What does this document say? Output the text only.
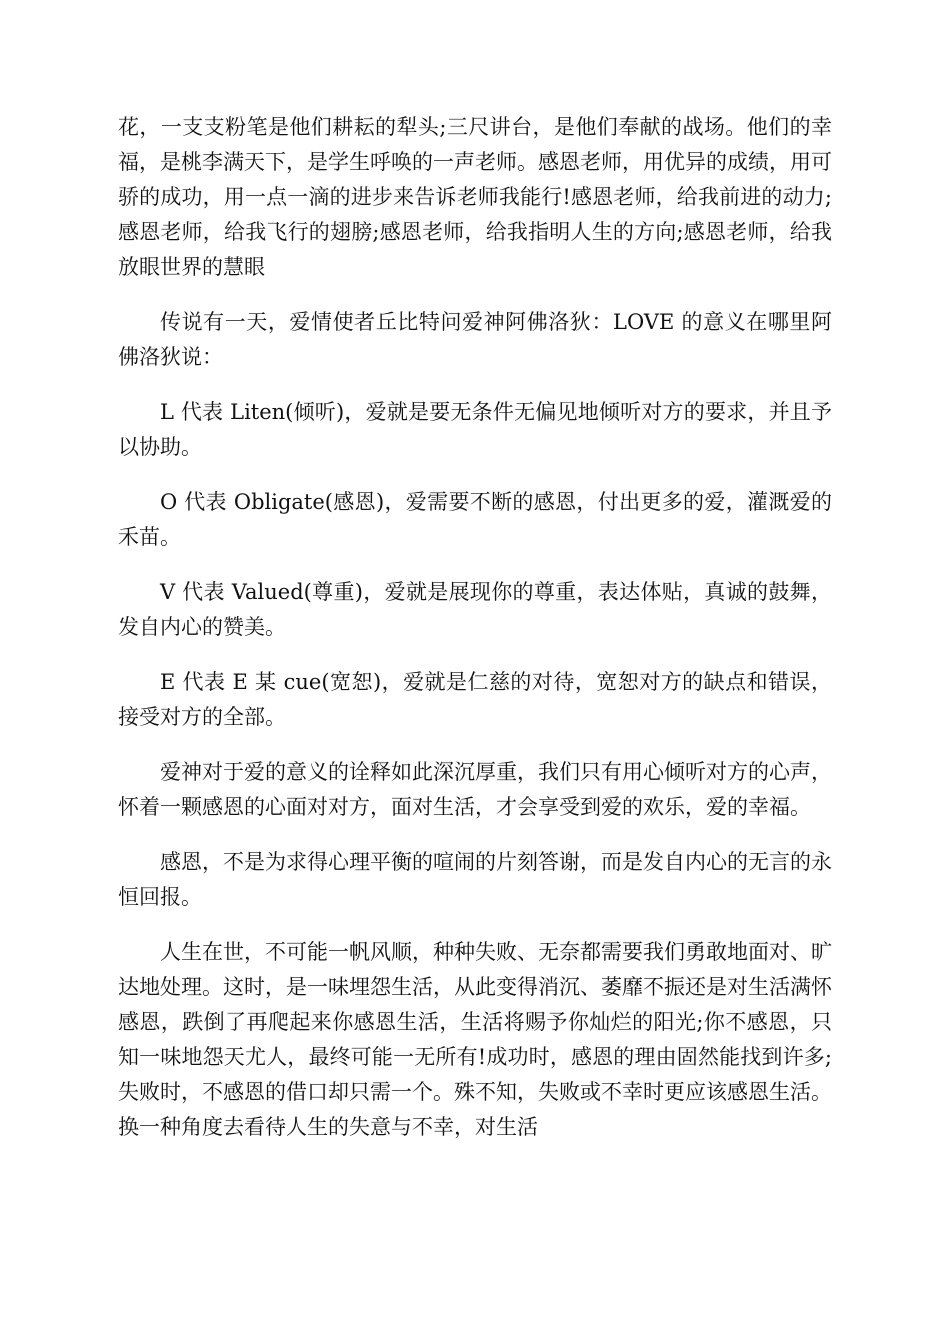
花，一支支粉笔是他们耕耘的犁头;三尺讲台，是他们奉献的战场。他们的幸福，是桃李满天下，是学生呼唤的一声老师。感恩老师，用优异的成绩，用可骄的成功，用一点一滴的进步来告诉老师我能行!感恩老师，给我前进的动力;感恩老师，给我飞行的翅膀;感恩老师，给我指明人生的方向;感恩老师，给我放眼世界的慧眼

传说有一天，爱情使者丘比特问爱神阿佛洛狄：LOVE 的意义在哪里阿佛洛狄说：

L 代表 Liten(倾听)，爱就是要无条件无偏见地倾听对方的要求，并且予以协助。

O 代表 Obligate(感恩)，爱需要不断的感恩，付出更多的爱，灌溉爱的禾苗。

V 代表 Valued(尊重)，爱就是展现你的尊重，表达体贴，真诚的鼓舞，发自内心的赞美。

E 代表 E 某 cue(宽恕)，爱就是仁慈的对待，宽恕对方的缺点和错误，接受对方的全部。

爱神对于爱的意义的诠释如此深沉厚重，我们只有用心倾听对方的心声，怀着一颗感恩的心面对对方，面对生活，才会享受到爱的欢乐，爱的幸福。

感恩，不是为求得心理平衡的喧闹的片刻答谢，而是发自内心的无言的永恒回报。

人生在世，不可能一帆风顺，种种失败、无奈都需要我们勇敢地面对、旷达地处理。这时，是一味埋怨生活，从此变得消沉、萎靡不振还是对生活满怀感恩，跌倒了再爬起来你感恩生活，生活将赐予你灿烂的阳光;你不感恩，只知一味地怨天尤人，最终可能一无所有!成功时，感恩的理由固然能找到许多;失败时，不感恩的借口却只需一个。殊不知，失败或不幸时更应该感恩生活。换一种角度去看待人生的失意与不幸，对生活
